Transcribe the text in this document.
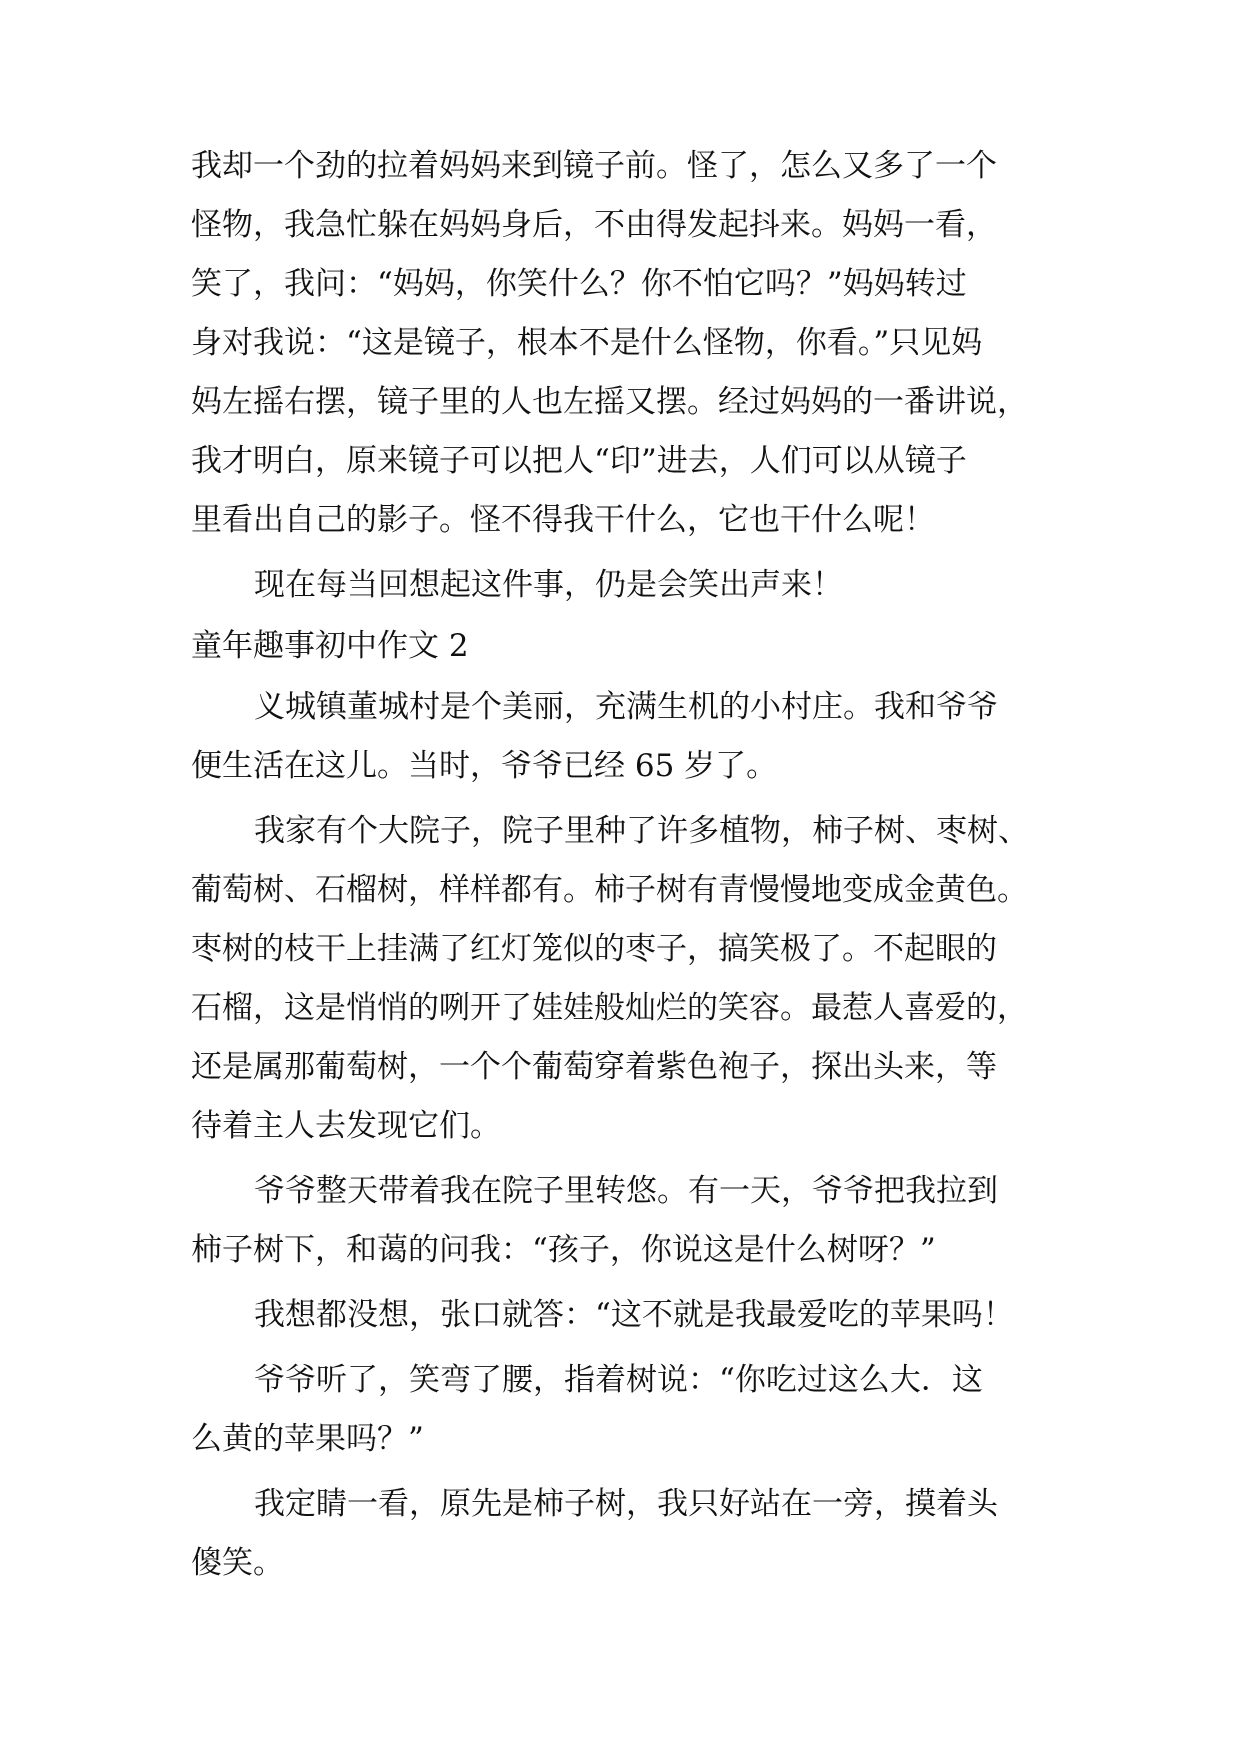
我却一个劲的拉着妈妈来到镜子前。怪了，怎么又多了一个
怪物，我急忙躲在妈妈身后，不由得发起抖来。妈妈一看，
笑了，我问：“妈妈，你笑什么？你不怕它吗？”妈妈转过
身对我说：“这是镜子，根本不是什么怪物，你看。”只见妈
妈左摇右摆，镜子里的人也左摇又摆。经过妈妈的一番讲说，
我才明白，原来镜子可以把人“印”进去，人们可以从镜子
里看出自己的影子。怪不得我干什么，它也干什么呢！
现在每当回想起这件事，仍是会笑出声来！
童年趣事初中作文 2
义城镇董城村是个美丽，充满生机的小村庄。我和爷爷
便生活在这儿。当时，爷爷已经 65 岁了。
我家有个大院子，院子里种了许多植物，柿子树、枣树、
葡萄树、石榴树，样样都有。柿子树有青慢慢地变成金黄色。
枣树的枝干上挂满了红灯笼似的枣子，搞笑极了。不起眼的
石榴，这是悄悄的咧开了娃娃般灿烂的笑容。最惹人喜爱的，
还是属那葡萄树，一个个葡萄穿着紫色袍子，探出头来，等
待着主人去发现它们。
爷爷整天带着我在院子里转悠。有一天，爷爷把我拉到
柿子树下，和蔼的问我：“孩子，你说这是什么树呀？”
我想都没想，张口就答：“这不就是我最爱吃的苹果吗！
爷爷听了，笑弯了腰，指着树说：“你吃过这么大．这
么黄的苹果吗？”
我定睛一看，原先是柿子树，我只好站在一旁，摸着头
傻笑。
